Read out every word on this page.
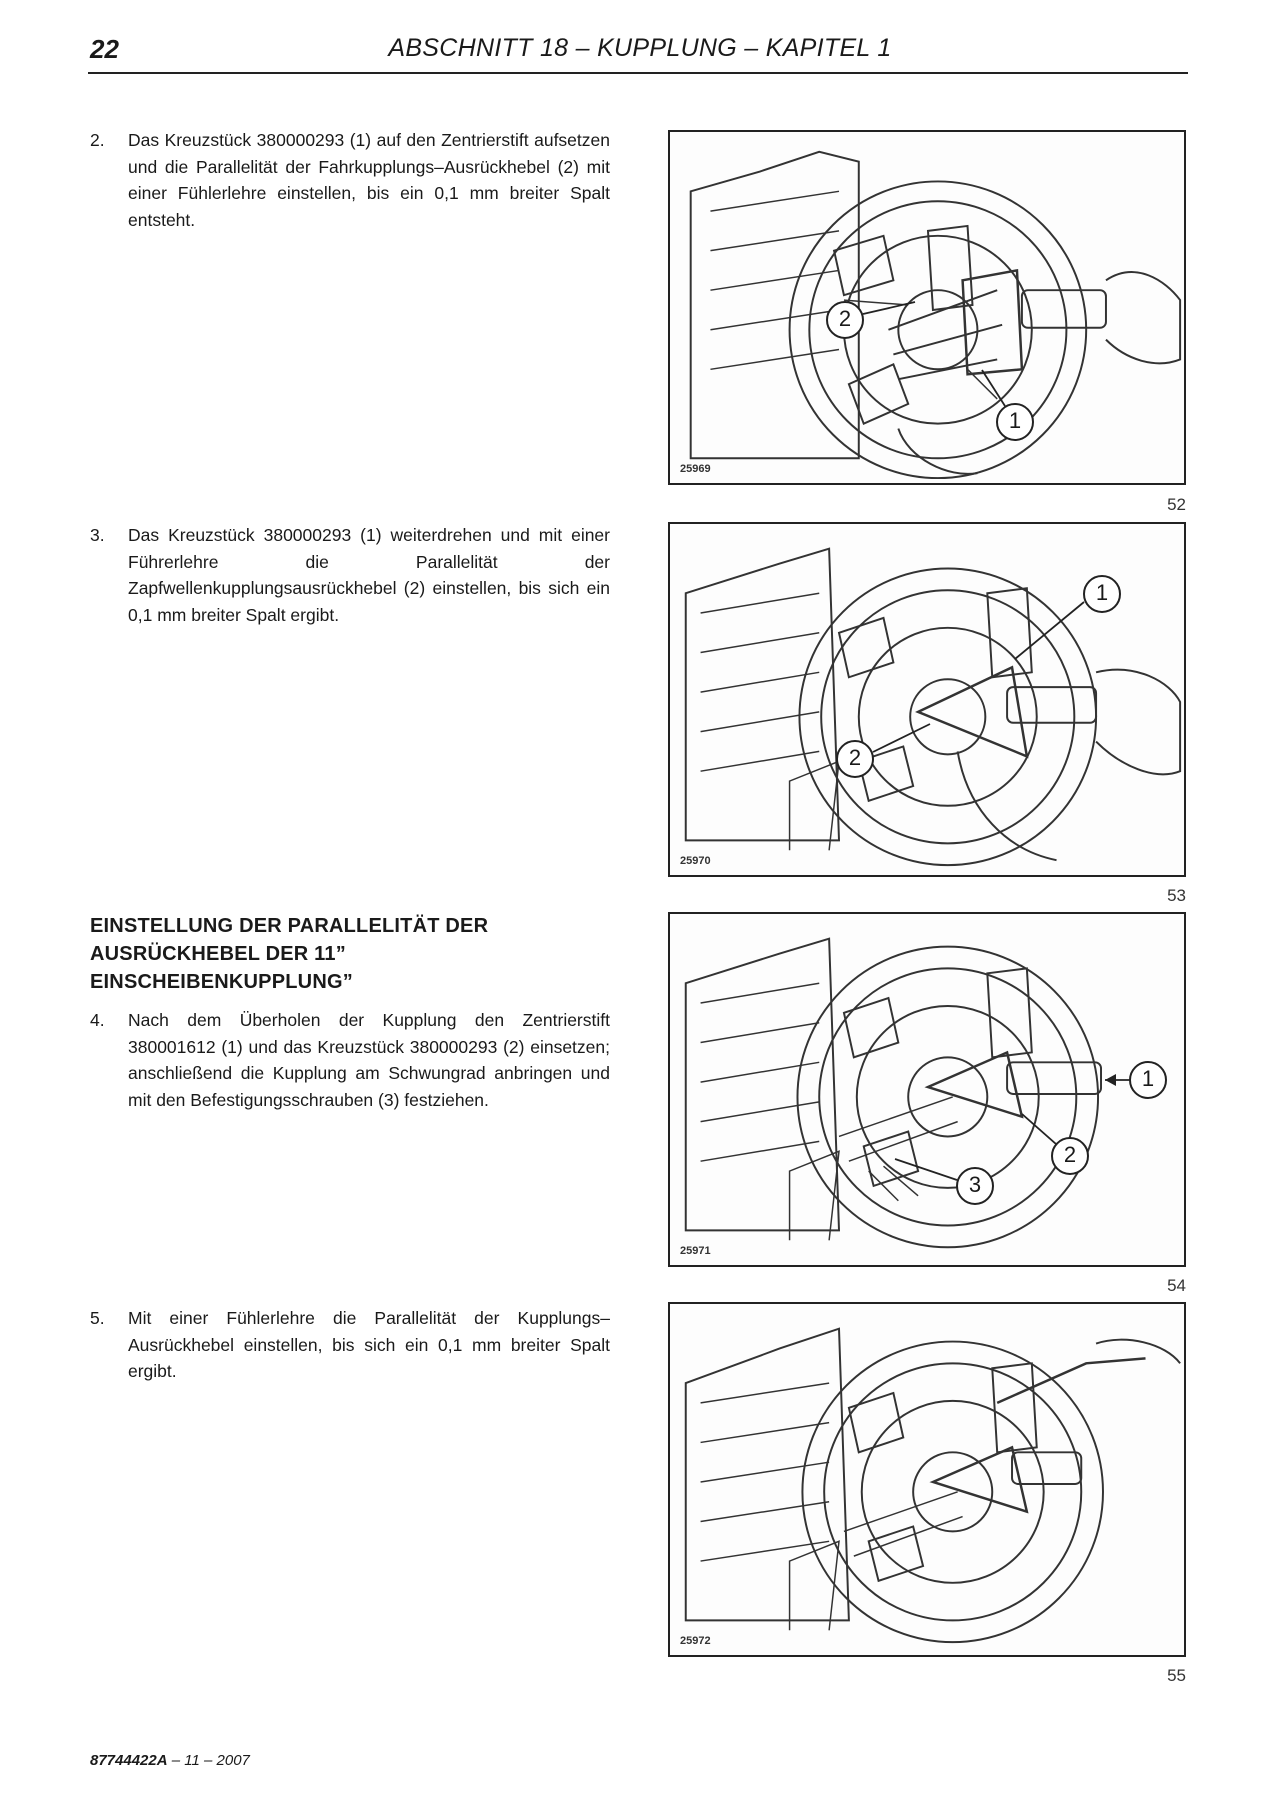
22	ABSCHNITT 18 – KUPPLUNG – KAPITEL 1
2. Das Kreuzstück 380000293 (1) auf den Zentrierstift aufsetzen und die Parallelität der Fahrkupplungs–Ausrückhebel (2) mit einer Fühlerlehre einstellen, bis ein 0,1 mm breiter Spalt entsteht.
3. Das Kreuzstück 380000293 (1) weiterdrehen und mit einer Führerlehre die Parallelität der Zapfwellenkupplungsausrückhebel (2) einstellen, bis sich ein 0,1 mm breiter Spalt ergibt.
EINSTELLUNG DER PARALLELITÄT DER
AUSRÜCKHEBEL DER 11”
EINSCHEIBENKUPPLUNG”
4. Nach dem Überholen der Kupplung den Zentrierstift 380001612 (1) und das Kreuzstück 380000293 (2) einsetzen; anschließend die Kupplung am Schwungrad anbringen und mit den Befestigungsschrauben (3) festziehen.
5. Mit einer Fühlerlehre die Parallelität der Kupplungs–Ausrückhebel einstellen, bis sich ein 0,1 mm breiter Spalt ergibt.
2
1
25969
52
1
2
25970
53
1
2
3
25971
54
25972
55
87744422A – 11 – 2007
